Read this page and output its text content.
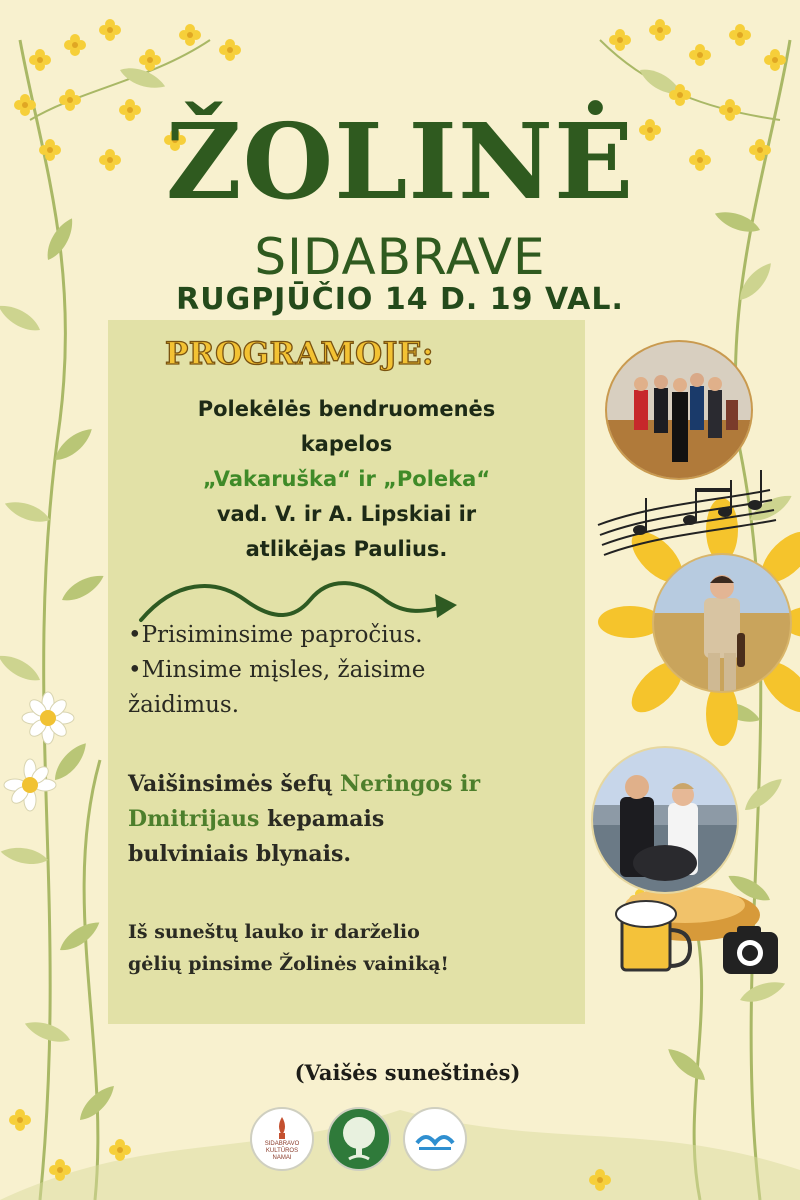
ŽOLINĖ
SIDABRAVE
RUGPJŪČIO 14 D. 19 VAL.
PROGRAMOJE:
Polekėlės bendruomenės
kapelos
„Vakaruška“ ir „Poleka“
vad. V. ir A. Lipskiai ir
atlikėjas Paulius.
•Prisiminsime papročius.
•Minsime mįsles, žaisime
žaidimus.
Vaišinsimės šefų Neringos ir
Dmitrijaus kepamais
bulviniais blynais.
Iš suneštų lauko ir darželio
gėlių pinsime Žolinės vainiką!
(Vaišės suneštinės)
SIDABRAVO
KULTŪROS
NAMAI
